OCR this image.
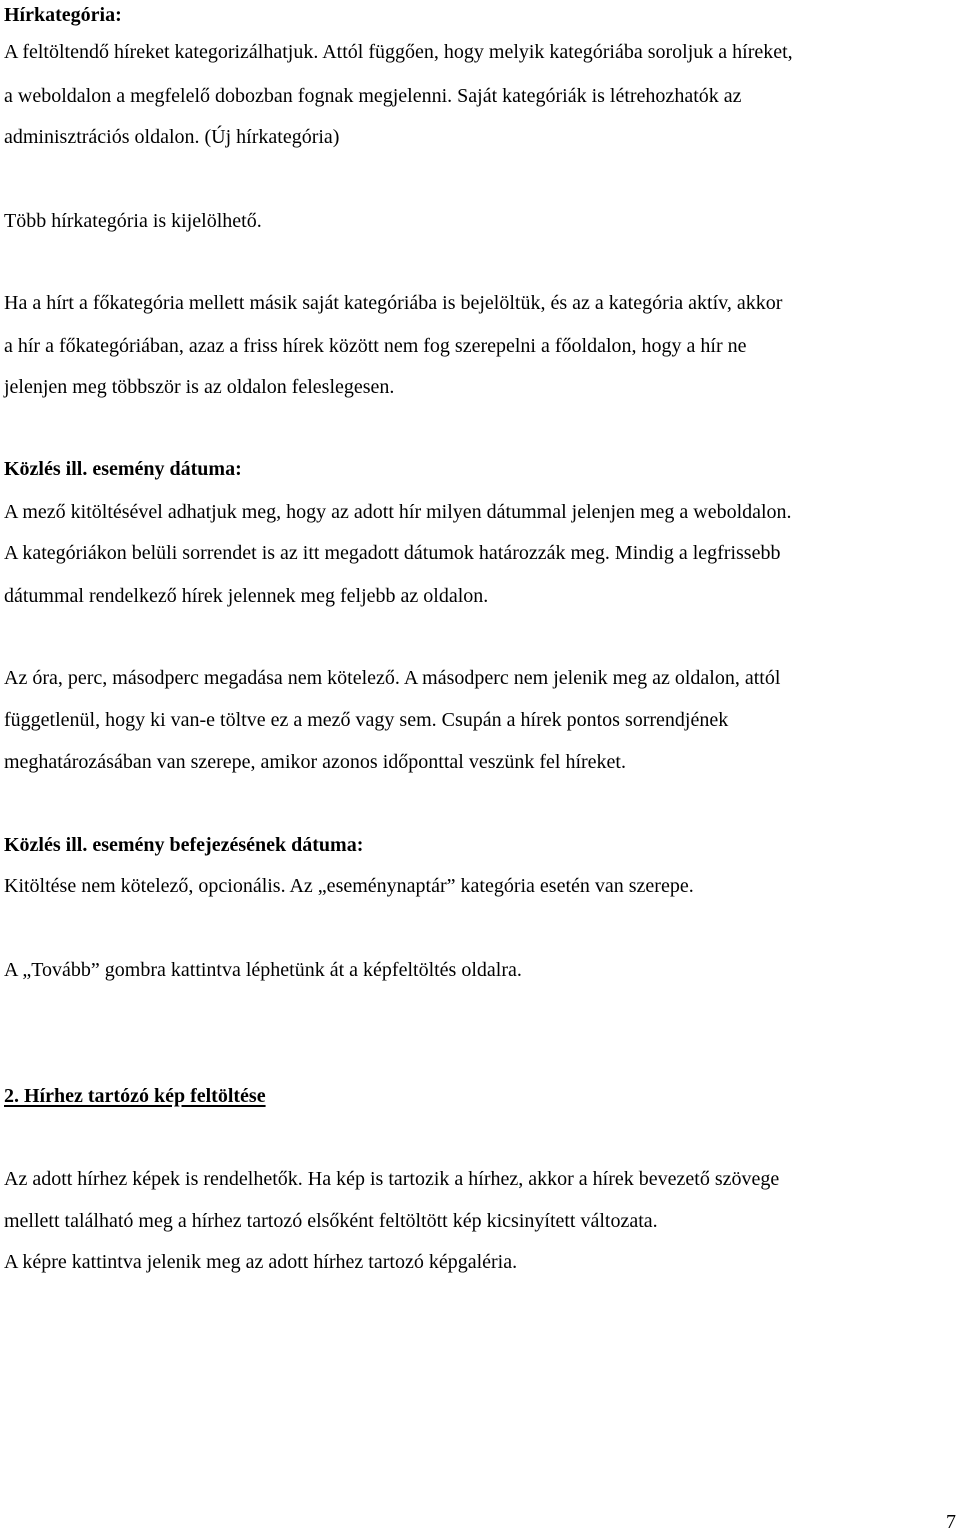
Hírkategória:
A feltöltendő híreket kategorizálhatjuk. Attól függően, hogy melyik kategóriába soroljuk a híreket,
a weboldalon a megfelelő dobozban fognak megjelenni. Saját kategóriák is létrehozhatók az
adminisztrációs oldalon. (Új hírkategória)
Több hírkategória is kijelölhető.
Ha a hírt a főkategória mellett másik saját kategóriába is bejelöltük, és az a kategória aktív, akkor
a hír a főkategóriában, azaz a friss hírek között nem fog szerepelni a főoldalon, hogy a hír ne
jelenjen meg többször is az oldalon feleslegesen.
Közlés ill. esemény dátuma:
A mező kitöltésével adhatjuk meg, hogy az adott hír milyen dátummal jelenjen meg a weboldalon.
A kategóriákon belüli sorrendet is az itt megadott dátumok határozzák meg. Mindig a legfrissebb
dátummal rendelkező hírek jelennek meg feljebb az oldalon.
Az óra, perc, másodperc megadása nem kötelező. A másodperc nem jelenik meg az oldalon, attól
függetlenül, hogy ki van-e töltve ez a mező vagy sem. Csupán a hírek pontos sorrendjének
meghatározásában van szerepe, amikor azonos időponttal veszünk fel híreket.
Közlés ill. esemény befejezésének dátuma:
Kitöltése nem kötelező, opcionális. Az „eseménynaptár” kategória esetén van szerepe.
A „Tovább” gombra kattintva léphetünk át a képfeltöltés oldalra.
2. Hírhez tartózó kép feltöltése
Az adott hírhez képek is rendelhetők. Ha kép is tartozik a hírhez, akkor a hírek bevezető szövege
mellett található meg a hírhez tartozó elsőként feltöltött kép kicsinyített változata.
A képre kattintva jelenik meg az adott hírhez tartozó képgaléria.
7
